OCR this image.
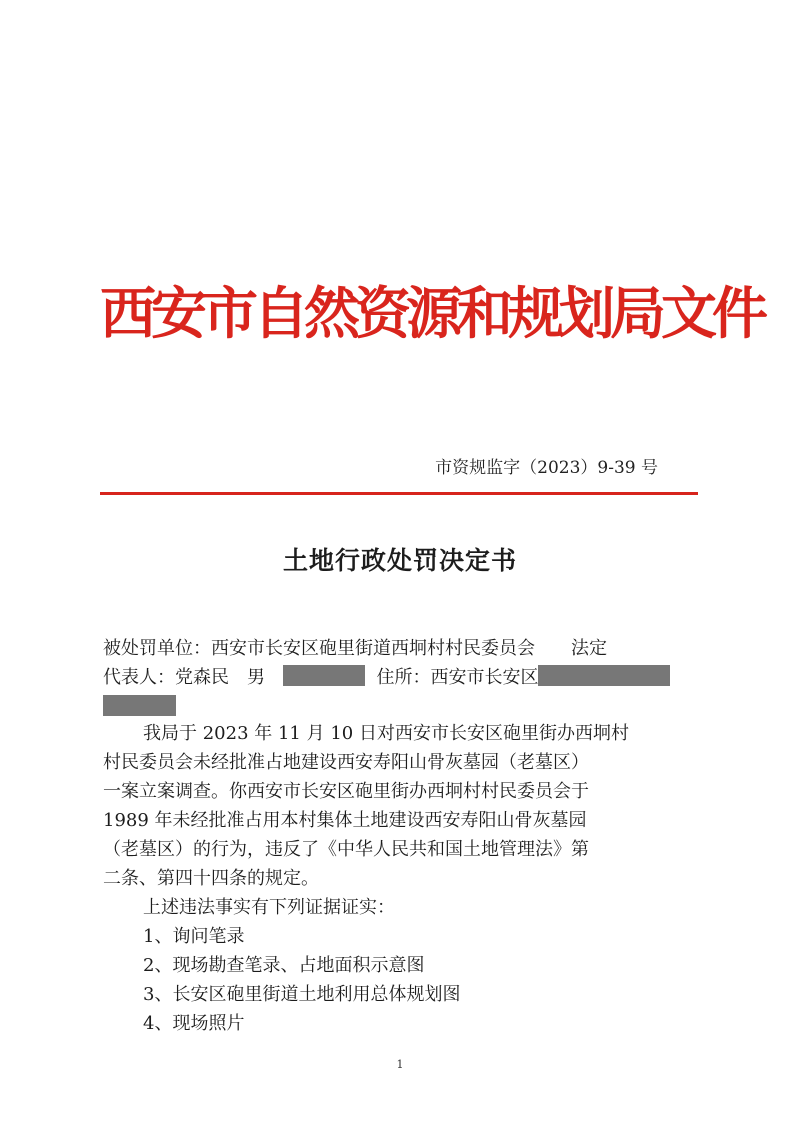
西安市自然资源和规划局文件
市资规监字（2023）9-39 号
土地行政处罚决定书
被处罚单位：西安市长安区砲里街道西坰村村民委员会　　法定
代表人：党森民　男	住所：西安市长安区
我局于 2023 年 11 月 10 日对西安市长安区砲里街办西坰村
村民委员会未经批准占地建设西安寿阳山骨灰墓园（老墓区）
一案立案调查。你西安市长安区砲里街办西坰村村民委员会于
1989 年未经批准占用本村集体土地建设西安寿阳山骨灰墓园
（老墓区）的行为，违反了《中华人民共和国土地管理法》第
二条、第四十四条的规定。
上述违法事实有下列证据证实：
1、询问笔录
2、现场勘查笔录、占地面积示意图
3、长安区砲里街道土地利用总体规划图
4、现场照片
1
